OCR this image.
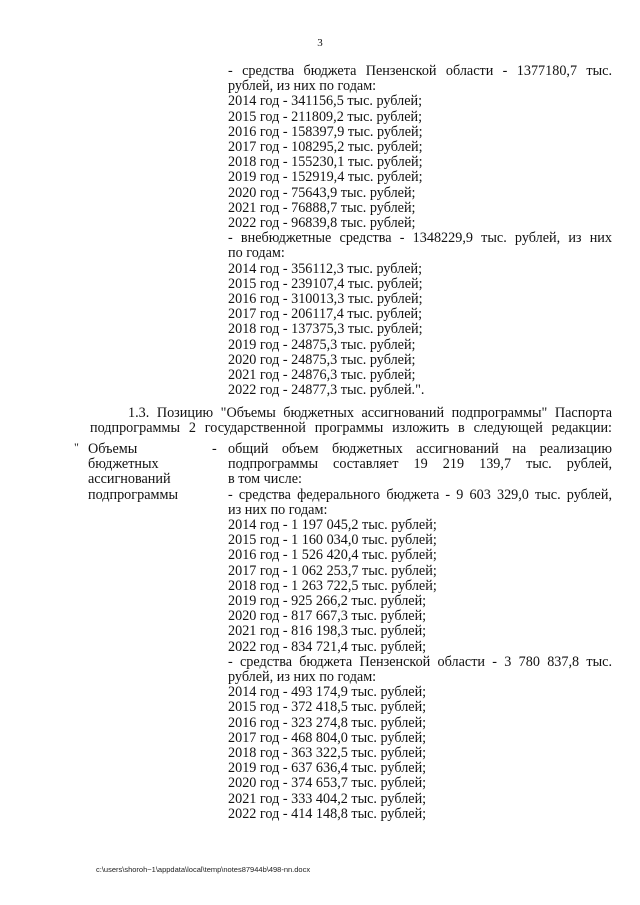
3
- средства бюджета Пензенской области - 1377180,7 тыс.
рублей, из них по годам:
2014 год - 341156,5 тыс. рублей;
2015 год - 211809,2 тыс. рублей;
2016 год - 158397,9 тыс. рублей;
2017 год - 108295,2 тыс. рублей;
2018 год - 155230,1 тыс. рублей;
2019 год - 152919,4 тыс. рублей;
2020 год - 75643,9 тыс. рублей;
2021 год - 76888,7 тыс. рублей;
2022 год - 96839,8 тыс. рублей;
- внебюджетные средства - 1348229,9 тыс. рублей, из них
по годам:
2014 год - 356112,3 тыс. рублей;
2015 год - 239107,4 тыс. рублей;
2016 год - 310013,3 тыс. рублей;
2017 год - 206117,4 тыс. рублей;
2018 год - 137375,3 тыс. рублей;
2019 год - 24875,3 тыс. рублей;
2020 год - 24875,3 тыс. рублей;
2021 год - 24876,3 тыс. рублей;
2022 год - 24877,3 тыс. рублей.".
1.3. Позицию "Объемы бюджетных ассигнований подпрограммы" Паспорта
подпрограммы 2 государственной программы изложить в следующей редакции:
" Объемы
бюджетных
ассигнований
подпрограммы
- общий объем бюджетных ассигнований на реализацию
подпрограммы составляет 19 219 139,7 тыс. рублей,
в том числе:
- средства федерального бюджета - 9 603 329,0 тыс. рублей,
из них по годам:
2014 год - 1 197 045,2 тыс. рублей;
2015 год - 1 160 034,0 тыс. рублей;
2016 год - 1 526 420,4 тыс. рублей;
2017 год - 1 062 253,7 тыс. рублей;
2018 год - 1 263 722,5 тыс. рублей;
2019 год - 925 266,2 тыс. рублей;
2020 год - 817 667,3 тыс. рублей;
2021 год - 816 198,3 тыс. рублей;
2022 год - 834 721,4 тыс. рублей;
- средства бюджета Пензенской области - 3 780 837,8 тыс.
рублей, из них по годам:
2014 год - 493 174,9 тыс. рублей;
2015 год - 372 418,5 тыс. рублей;
2016 год - 323 274,8 тыс. рублей;
2017 год - 468 804,0 тыс. рублей;
2018 год - 363 322,5 тыс. рублей;
2019 год - 637 636,4 тыс. рублей;
2020 год - 374 653,7 тыс. рублей;
2021 год - 333 404,2 тыс. рублей;
2022 год - 414 148,8 тыс. рублей;
c:\users\shoroh~1\appdata\local\temp\notes87944b\498-nn.docx
